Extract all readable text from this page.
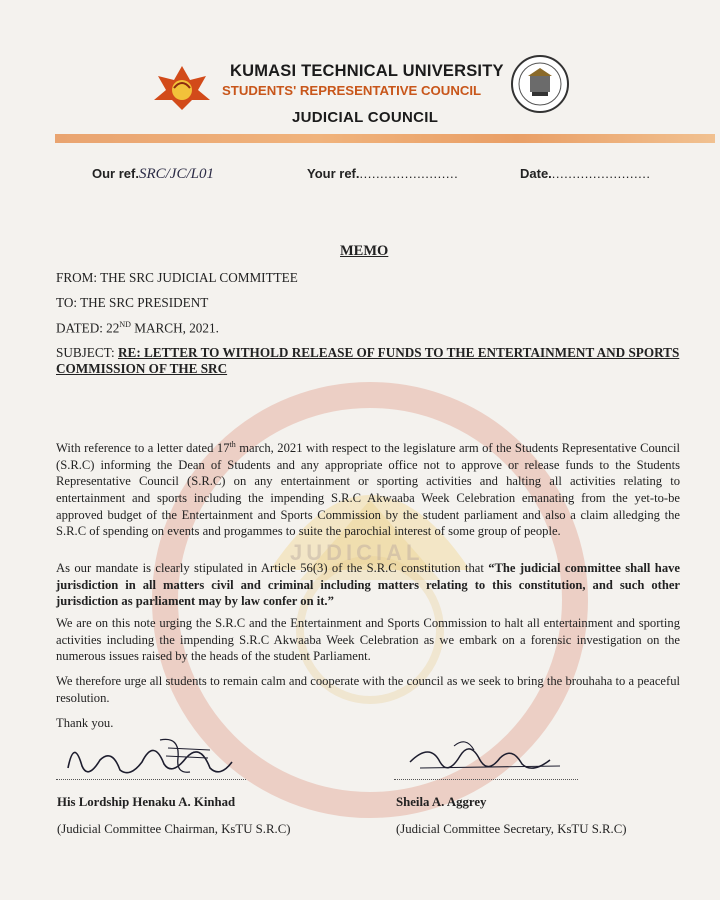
JUDICIAL
KUMASI TECHNICAL UNIVERSITY
STUDENTS' REPRESENTATIVE COUNCIL
JUDICIAL COUNCIL
Our ref.SRC/JC/L01	Your ref.........................	Date.........................
MEMO
FROM: THE SRC JUDICIAL COMMITTEE
TO: THE SRC PRESIDENT
DATED: 22ND MARCH, 2021.
SUBJECT: RE: LETTER TO WITHOLD RELEASE OF FUNDS TO THE ENTERTAINMENT AND SPORTS COMMISSION OF THE SRC
With reference to a letter dated 17th march, 2021 with respect to the legislature arm of the Students Representative Council (S.R.C) informing the Dean of Students and any appropriate office not to approve or release funds to the Students Representative Council (S.R.C) on any entertainment or sporting activities and halting all activities relating to entertainment and sports including the impending S.R.C Akwaaba Week Celebration emanating from the yet-to-be approved budget of the Entertainment and Sports Commission by the student parliament and also a claim alledging the S.R.C of spending on events and progammes to suite the parochial interest of some group of people.
As our mandate is clearly stipulated in Article 56(3) of the S.R.C constitution that “The judicial committee shall have jurisdiction in all matters civil and criminal including matters relating to this constitution, and such other jurisdiction as parliament may by law confer on it.”
We are on this note urging the S.R.C and the Entertainment and Sports Commission to halt all entertainment and sporting activities including the impending S.R.C Akwaaba Week Celebration as we embark on a forensic investigation on the numerous issues raised by the heads of the student Parliament.
We therefore urge all students to remain calm and cooperate with the council as we seek to bring the brouhaha to a peaceful resolution.
Thank you.
His Lordship Henaku A. Kinhad
(Judicial Committee Chairman, KsTU S.R.C)
Sheila A. Aggrey
(Judicial Committee Secretary, KsTU S.R.C)
